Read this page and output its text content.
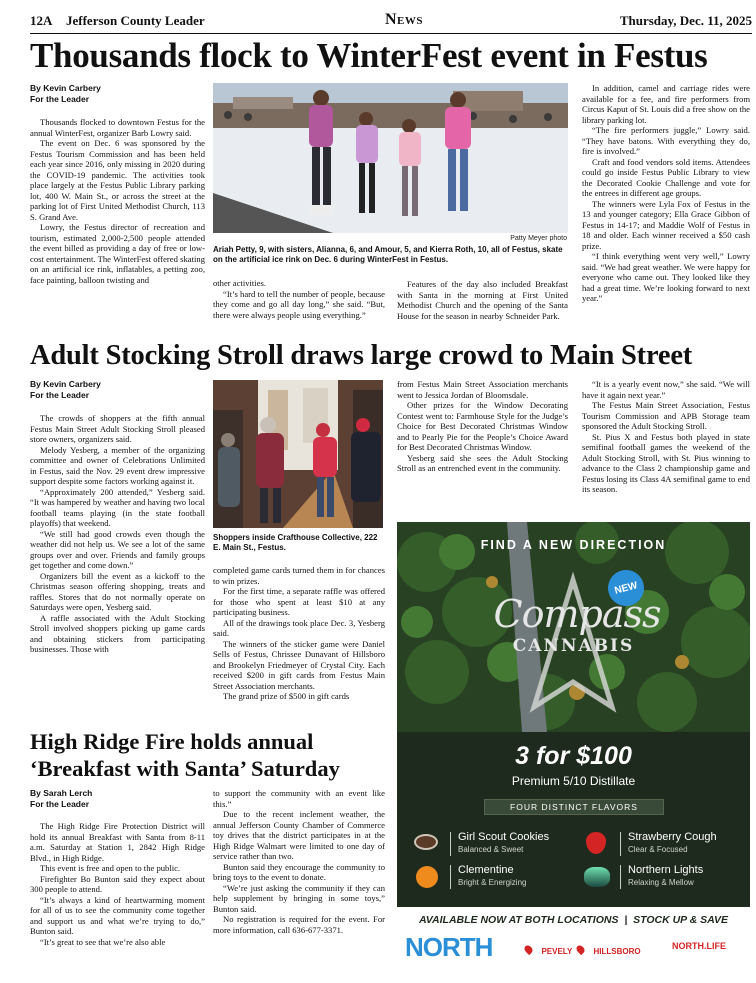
12A Jefferson County Leader	News	Thursday, Dec. 11, 2025
Thousands flock to WinterFest event in Festus
By Kevin Carbery
For the Leader

Thousands flocked to downtown Festus for the annual WinterFest, organizer Barb Lowry said.

The event on Dec. 6 was sponsored by the Festus Tourism Commission and has been held each year since 2016, only missing in 2020 during the COVID-19 pandemic. The activities took place largely at the Festus Public Library parking lot, 400 W. Main St., or across the street at the parking lot of First United Methodist Church, 113 S. Grand Ave.

Lowry, the Festus director of recreation and tourism, estimated 2,000-2,500 people attended the event billed as providing a day of free or low-cost entertainment. The WinterFest offered skating on an artificial ice rink, inflatables, a petting zoo, face painting, balloon twisting and

Patty Meyer photo
Ariah Petty, 9, with sisters, Alianna, 6, and Amour, 5, and Kierra Roth, 10, all of Festus, skate on the artificial ice rink on Dec. 6 during WinterFest in Festus.

other activities.

“It’s hard to tell the number of people, because they come and go all day long,” she said. “But, there were always people using everything.”

Features of the day also included Breakfast with Santa in the morning at First United Methodist Church and the opening of the Santa House for the season in nearby Schneider Park.

In addition, camel and carriage rides were available for a fee, and fire performers from Circus Kaput of St. Louis did a free show on the library parking lot.

“The fire performers juggle,” Lowry said. “They have batons. With everything they do, fire is involved.”

Craft and food vendors sold items. Attendees could go inside Festus Public Library to view the Decorated Cookie Challenge and vote for the entrees in different age groups.

The winners were Lyla Fox of Festus in the 13 and younger category; Ella Grace Gibbon of Festus in 14-17; and Maddie Wolf of Festus in 18 and older. Each winner received a $50 cash prize.

“I think everything went very well,” Lowry said. “We had great weather. We were happy for everyone who came out. They looked like they had a great time. We’re looking forward to next year.”

Adult Stocking Stroll draws large crowd to Main Street
By Kevin Carbery
For the Leader

The crowds of shoppers at the fifth annual Festus Main Street Adult Stocking Stroll pleased store owners, organizers said.

Melody Yesberg, a member of the organizing committee and owner of Celebrations Unlimited in Festus, said the Nov. 29 event drew impressive support despite some factors working against it.

“Approximately 200 attended,” Yesberg said. “It was hampered by weather and having two local football teams playing (in the state football playoffs) that weekend.

“We still had good crowds even though the weather did not help us. We see a lot of the same groups over and over. Friends and family groups get together and come down.”

Organizers bill the event as a kickoff to the Christmas season offering shopping, treats and raffles. Stores that do not normally operate on Saturdays were open, Yesberg said.

A raffle associated with the Adult Stocking Stroll involved shoppers picking up game cards and obtaining stickers from participating businesses. Those with

Shoppers inside Crafthouse Collective, 222 E. Main St., Festus.

completed game cards turned them in for chances to win prizes.

For the first time, a separate raffle was offered for those who spent at least $10 at any participating business.

All of the drawings took place Dec. 3, Yesberg said.

The winners of the sticker game were Daniel Sells of Festus, Chrissee Dunavant of Hillsboro and Brookelyn Friedmeyer of Crystal City. Each received $200 in gift cards from Festus Main Street Association merchants.

The grand prize of $500 in gift cards

from Festus Main Street Association merchants went to Jessica Jordan of Bloomsdale.

Other prizes for the Window Decorating Contest went to: Farmhouse Style for the Judge’s Choice for Best Decorated Christmas Window and to Pearly Pie for the People’s Choice Award for Best Decorated Christmas Window.

Yesberg said she sees the Adult Stocking Stroll as an entrenched event in the community.

“It is a yearly event now,” she said. “We will have it again next year.”

The Festus Main Street Association, Festus Tourism Commission and APB Storage team sponsored the Adult Stocking Stroll.

St. Pius X and Festus both played in state semifinal football games the weekend of the Adult Stocking Stroll, with St. Pius winning to advance to the Class 2 championship game and Festus losing its Class 4A semifinal game to end its season.

High Ridge Fire holds annual
‘Breakfast with Santa’ Saturday
By Sarah Lerch
For the Leader

The High Ridge Fire Protection District will hold its annual Breakfast with Santa from 8-11 a.m. Saturday at Station 1, 2842 High Ridge Blvd., in High Ridge.

This event is free and open to the public.

Firefighter Bo Bunton said they expect about 300 people to attend.

“It’s always a kind of heartwarming moment for all of us to see the community come together and support us and what we’re trying to do,” Bunton said.

“It’s great to see that we’re also able

to support the community with an event like this.”

Due to the recent inclement weather, the annual Jefferson County Chamber of Commerce toy drives that the district participates in at the High Ridge Walmart were limited to one day of service rather than two.

Bunton said they encourage the community to bring toys to the event to donate.

“We’re just asking the community if they can help supplement by bringing in some toys,” Bunton said.

No registration is required for the event. For more information, call 636-677-3371.

FIND A NEW DIRECTION
NEW
Compass
CANNABIS
3 for $100
Premium 5/10 Distillate
FOUR DISTINCT FLAVORS
Girl Scout Cookies
Balanced & Sweet
Strawberry Cough
Clear & Focused
Clementine
Bright & Energizing
Northern Lights
Relaxing & Mellow
AVAILABLE NOW AT BOTH LOCATIONS  |  STOCK UP & SAVE
NORTH	PEVELY	HILLSBORO
NORTH.LIFE
